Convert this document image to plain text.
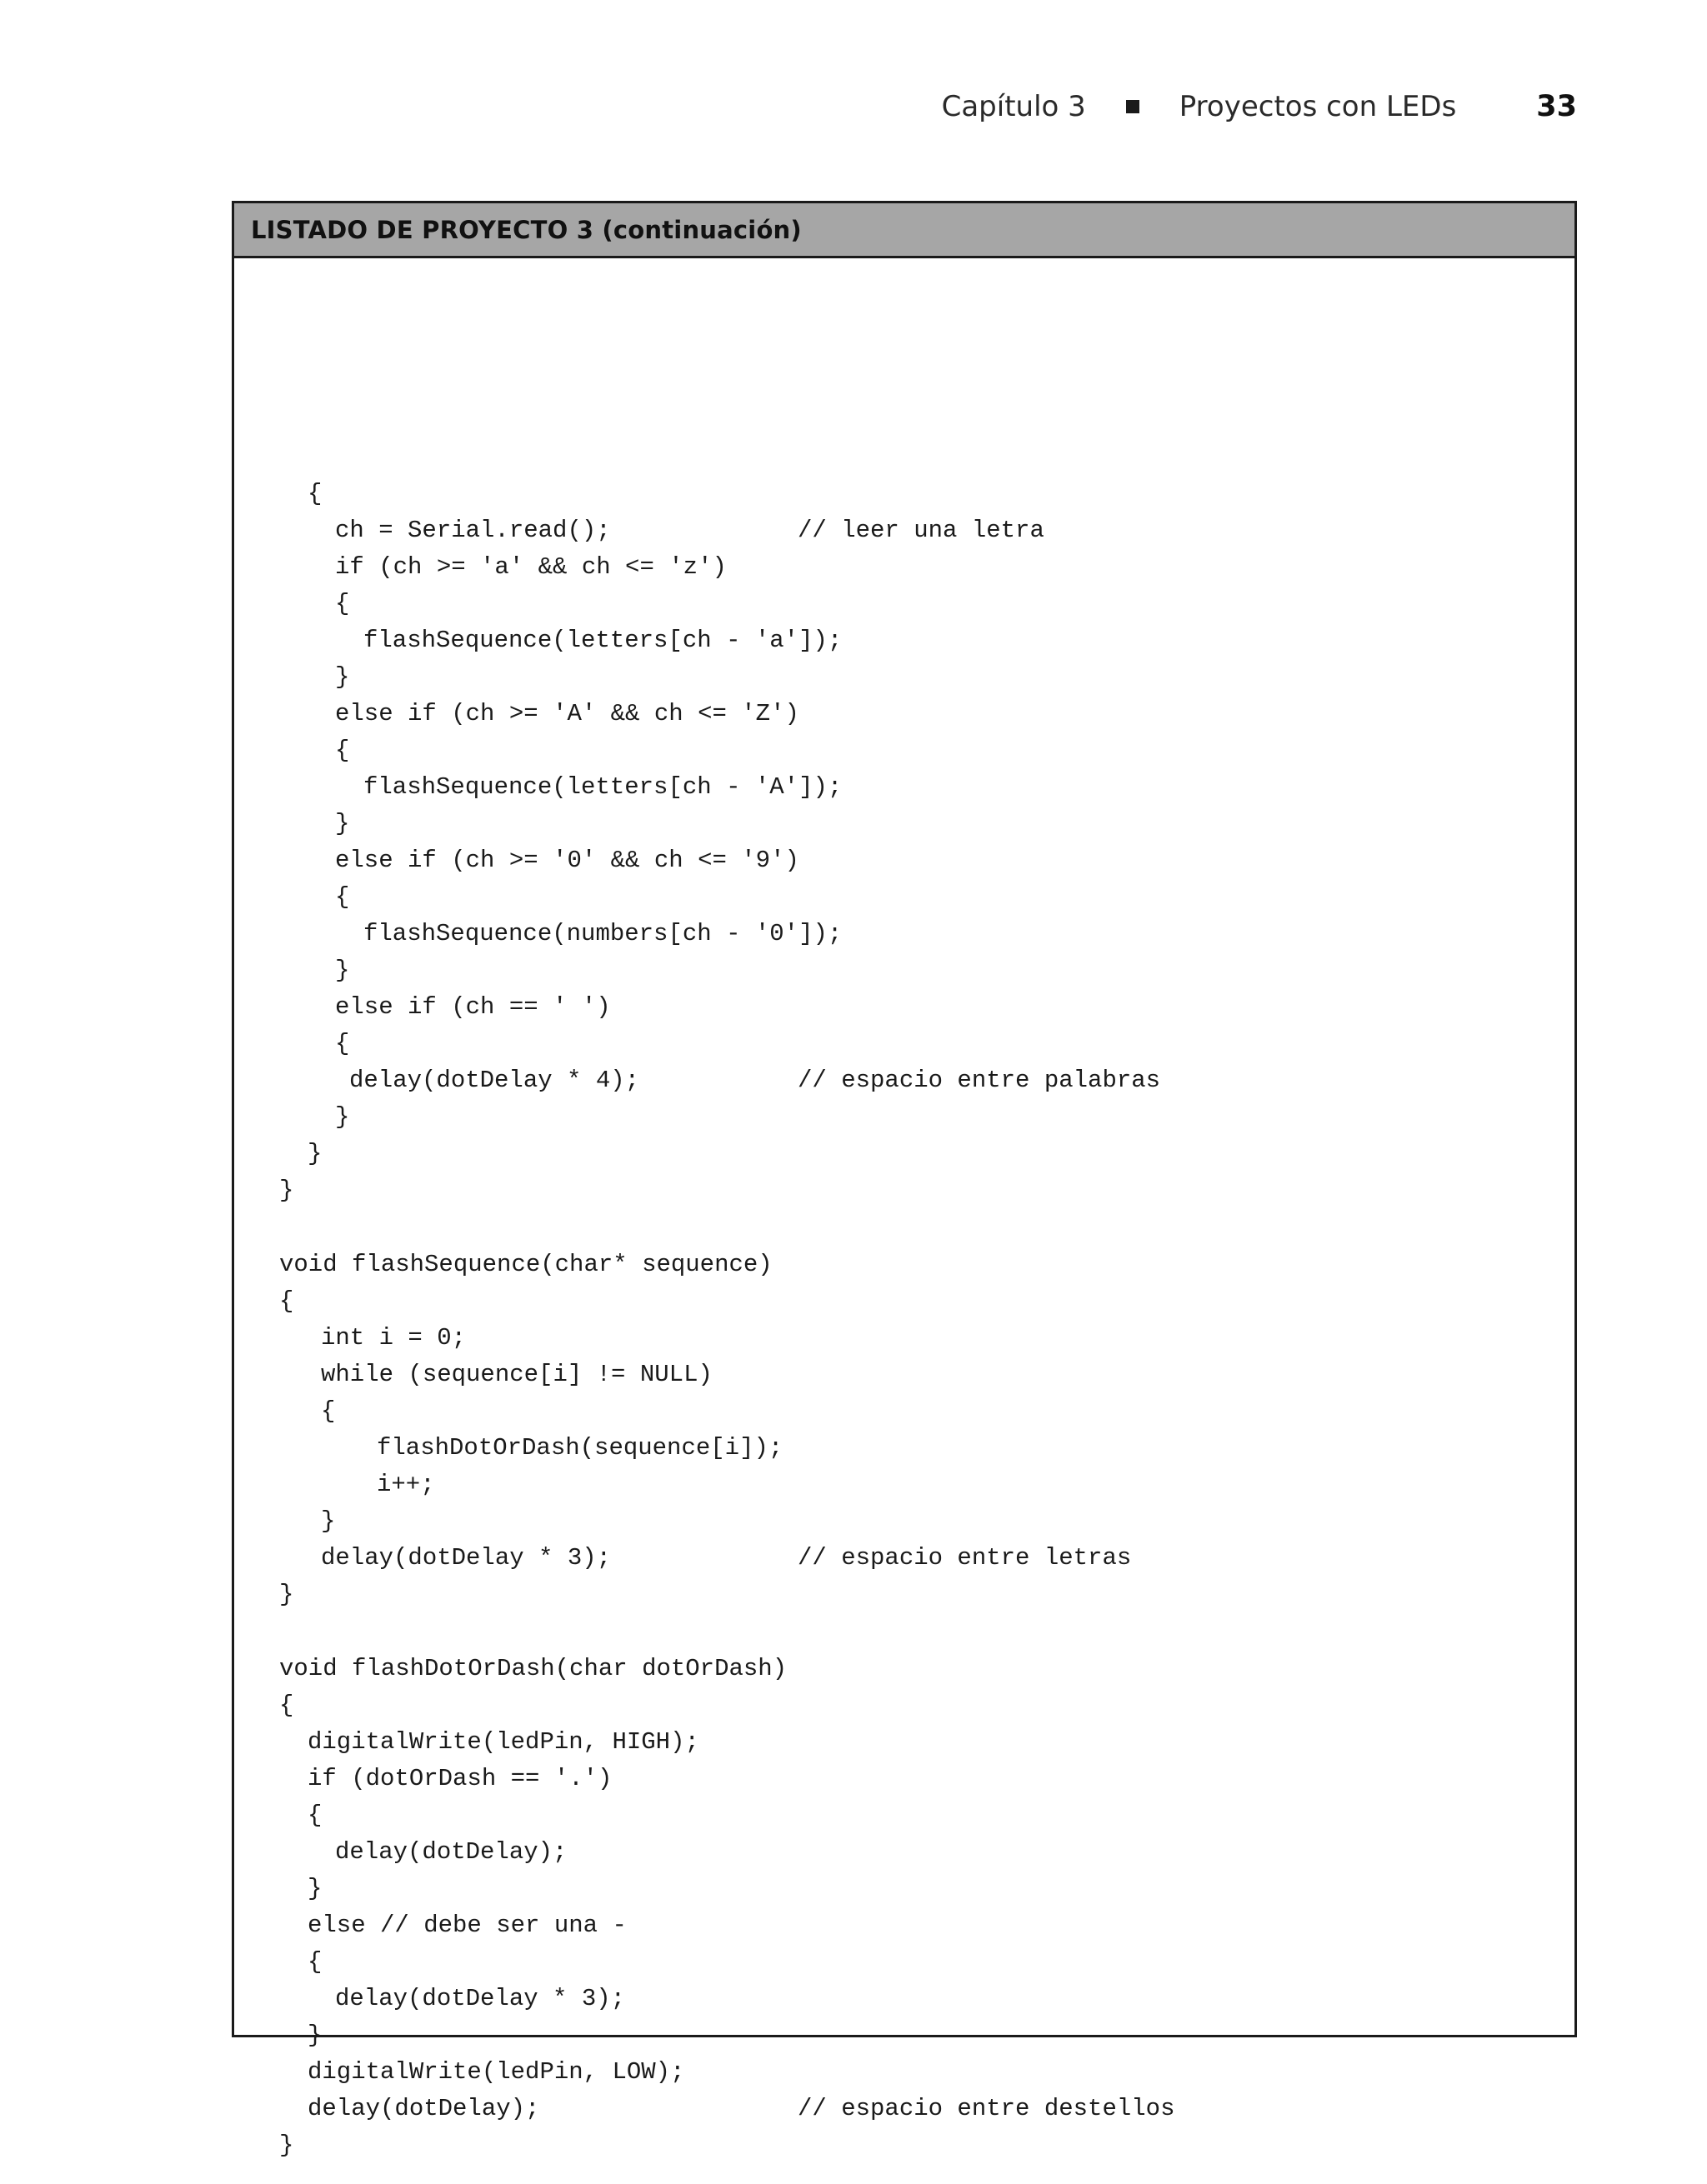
Capítulo 3	Proyectos con LEDs	33
LISTADO DE PROYECTO 3 (continuación)
{
ch = Serial.read();	// leer una letra
if (ch >= 'a' && ch <= 'z')
{
flashSequence(letters[ch - 'a']);
}
else if (ch >= 'A' && ch <= 'Z')
{
flashSequence(letters[ch - 'A']);
}
else if (ch >= '0' && ch <= '9')
{
flashSequence(numbers[ch - '0']);
}
else if (ch == ' ')
{
delay(dotDelay * 4);	// espacio entre palabras
}
}
}
void flashSequence(char* sequence)
{
int i = 0;
while (sequence[i] != NULL)
{
flashDotOrDash(sequence[i]);
i++;
}
delay(dotDelay * 3);	// espacio entre letras
}
void flashDotOrDash(char dotOrDash)
{
digitalWrite(ledPin, HIGH);
if (dotOrDash == '.')
{
delay(dotDelay);
}
else // debe ser una -
{
delay(dotDelay * 3);
}
digitalWrite(ledPin, LOW);
delay(dotDelay);	// espacio entre destellos
}
